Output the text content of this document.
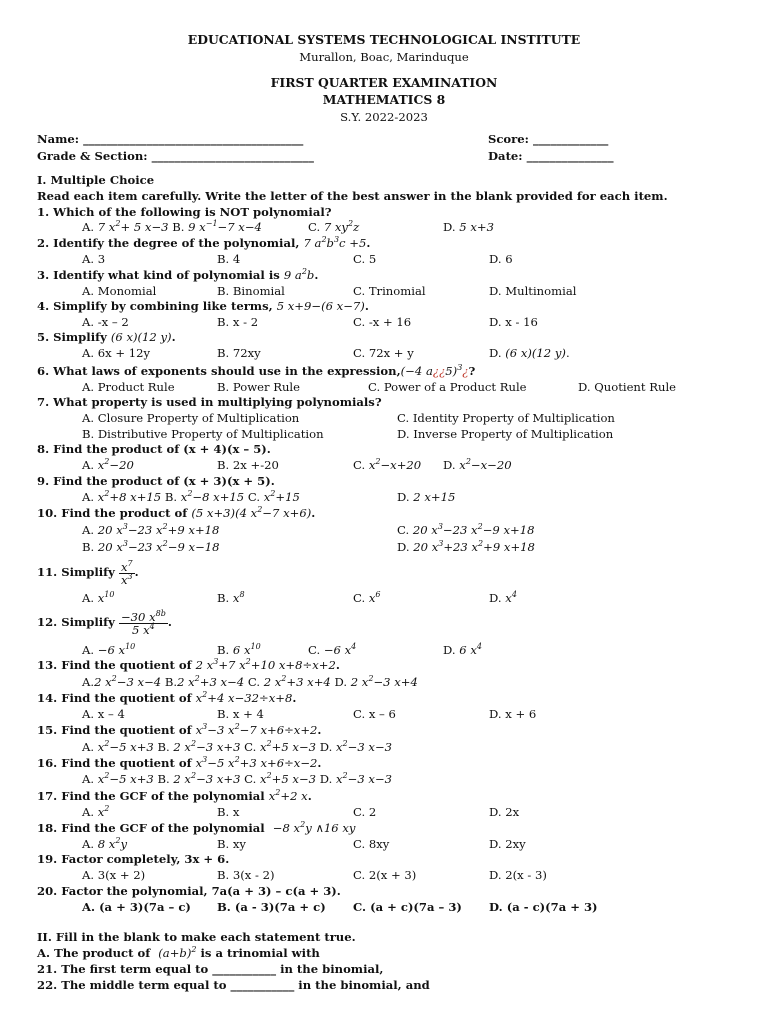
EDUCATIONAL SYSTEMS TECHNOLOGICAL INSTITUTE
Murallon, Boac, Marinduque
FIRST QUARTER EXAMINATION
MATHEMATICS 8
S.Y. 2022-2023
Name: ______________________________________	Score: _____________
Grade & Section: ____________________________	Date: _______________
I. Multiple Choice
Read each item carefully. Write the letter of the best answer in the blank provided for each item.
1. Which of the following is NOT polynomial?
A. 7 $x^2+ 5$ x−3 B. 9 $x^{-1}-7$ x−4	C. 7 $xy^2z$	D. 5 x+3
2. Identify the degree of the polynomial, 7 $a^2b^3c +5$.
A. 3	B. 4	C. 5	D. 6
3. Identify what kind of polynomial is 9 $a^2b$.
A. Monomial	B. Binomial	C. Trinomial	D. Multinomial
4. Simplify by combining like terms, 5 x+9−(6 x−7).
A. -x – 2	B. x - 2	C. -x + 16	D. x - 16
5. Simplify (6 x)(12 y).
A. 6x + 12y	B. 72xy	C. 72x + y	D. (6 x)(12 y).
6. What laws of exponents should use in the expression,(−4 a¿¿5)$^3$¿?
A. Product Rule	B. Power Rule	C. Power of a Product Rule	D. Quotient Rule
7. What property is used in multiplying polynomials?
A. Closure Property of Multiplication	C. Identity Property of Multiplication
B. Distributive Property of Multiplication	D. Inverse Property of Multiplication
8. Find the product of (x + 4)(x – 5).
A. $x^2-20$	B. 2x +-20	C. $x^2-x+20$ D. $x^2-x-20$
9. Find the product of (x + 3)(x + 5).
A. $x^2+8$ x+15 B. $x^2-8$ x+15 C. $x^2+15$	D. 2 x+15
10. Find the product of (5 x+3)(4 $x^2-7$ x+6).
A. 20 $x^3-23$ $x^2+9$ x+18	C. 20 $x^3-23$ $x^2-9$ x+18
B. 20 $x^3-23$ $x^2-9$ x−18	D. 20 $x^3+23$ $x^2+9$ x+18
11. Simplify $\frac{x^7}{x^3}$ .
A. $x^{10}$	B. $x^8$	C. $x^6$	D. $x^4$
12. Simplify $\frac{-30 x^{8b}}{5 x^4}$ .
A. −6 $x^{10}$	B. 6 $x^{10}$	C. −6 $x^4$	D. 6 $x^4$
13. Find the quotient of 2 $x^3+7$ $x^2+10$ x+8÷x+2.
A.2 $x^2-3$ x−4 B.2 $x^2+3$ x−4 C. 2 $x^2+3$ x+4 D. 2 $x^2-3$ x+4
14. Find the quotient of $x^2+4$ x−32÷x+8.
A. x – 4	B. x + 4	C. x – 6	D. x + 6
15. Find the quotient of $x^3-3$ $x^2-7$ x+6÷x+2.
A. $x^2-5$ x+3 B. 2 $x^2-3$ x+3 C. $x^2+5$ x−3 D. $x^2-3$ x−3
16. Find the quotient of $x^3-5$ $x^2+3$ x+6÷x−2.
A. $x^2-5$ x+3 B. 2 $x^2-3$ x+3 C. $x^2+5$ x−3 D. $x^2-3$ x−3
17. Find the GCF of the polynomial $x^2+2$ x.
A. $x^2$	B. x	C. 2	D. 2x
18. Find the GCF of the polynomial −8 $x^2y$ ∧16 xy
A. 8 $x^2y$	B. xy	C. 8xy	D. 2xy
19. Factor completely, 3x + 6.
A. 3(x + 2)	B. 3(x - 2)	C. 2(x + 3)	D. 2(x - 3)
20. Factor the polynomial, 7a(a + 3) – c(a + 3).
A. (a + 3)(7a – c) B. (a - 3)(7a + c) C. (a + c)(7a – 3) D. (a - c)(7a + 3)
II. Fill in the blank to make each statement true.
A. The product of  $(a+b)^2$ is a trinomial with
21. The first term equal to ___________ in the binomial,
22. The middle term equal to ___________ in the binomial, and
